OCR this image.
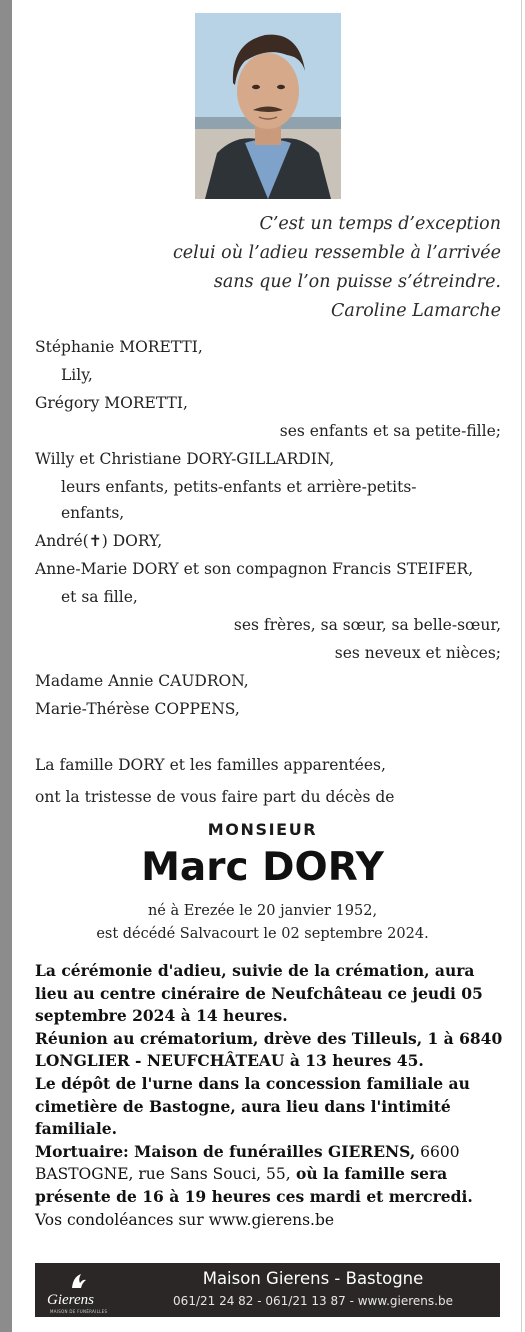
C’est un temps d’exception
celui où l’adieu ressemble à l’arrivée
sans que l’on puisse s’étreindre.
Caroline Lamarche
Stéphanie MORETTI,
Lily,
Grégory MORETTI,
ses enfants et sa petite-fille;
Willy et Christiane DORY-GILLARDIN,
leurs enfants, petits-enfants et arrière-petits-
enfants,
André(✝) DORY,
Anne-Marie DORY et son compagnon Francis STEIFER,
et sa fille,
ses frères, sa sœur, sa belle-sœur,
ses neveux et nièces;
Madame Annie CAUDRON,
Marie-Thérèse COPPENS,
La famille DORY et les familles apparentées,
ont la tristesse de vous faire part du décès de
MONSIEUR
Marc DORY
né à Erezée le 20 janvier 1952,
est décédé Salvacourt le 02 septembre 2024.
La cérémonie d'adieu, suivie de la crémation, aura lieu au centre cinéraire de Neufchâteau ce jeudi 05 septembre 2024 à 14 heures.
Réunion au crématorium, drève des Tilleuls, 1 à 6840 LONGLIER - NEUFCHÂTEAU à 13 heures 45.
Le dépôt de l'urne dans la concession familiale au cimetière de Bastogne, aura lieu dans l'intimité familiale.
Mortuaire: Maison de funérailles GIERENS, 6600 BASTOGNE, rue Sans Souci, 55, où la famille sera présente de 16 à 19 heures ces mardi et mercredi.
Vos condoléances sur www.gierens.be
Gierens
MAISON DE FUNÉRAILLES
Maison Gierens - Bastogne
061/21 24 82 - 061/21 13 87 - www.gierens.be
